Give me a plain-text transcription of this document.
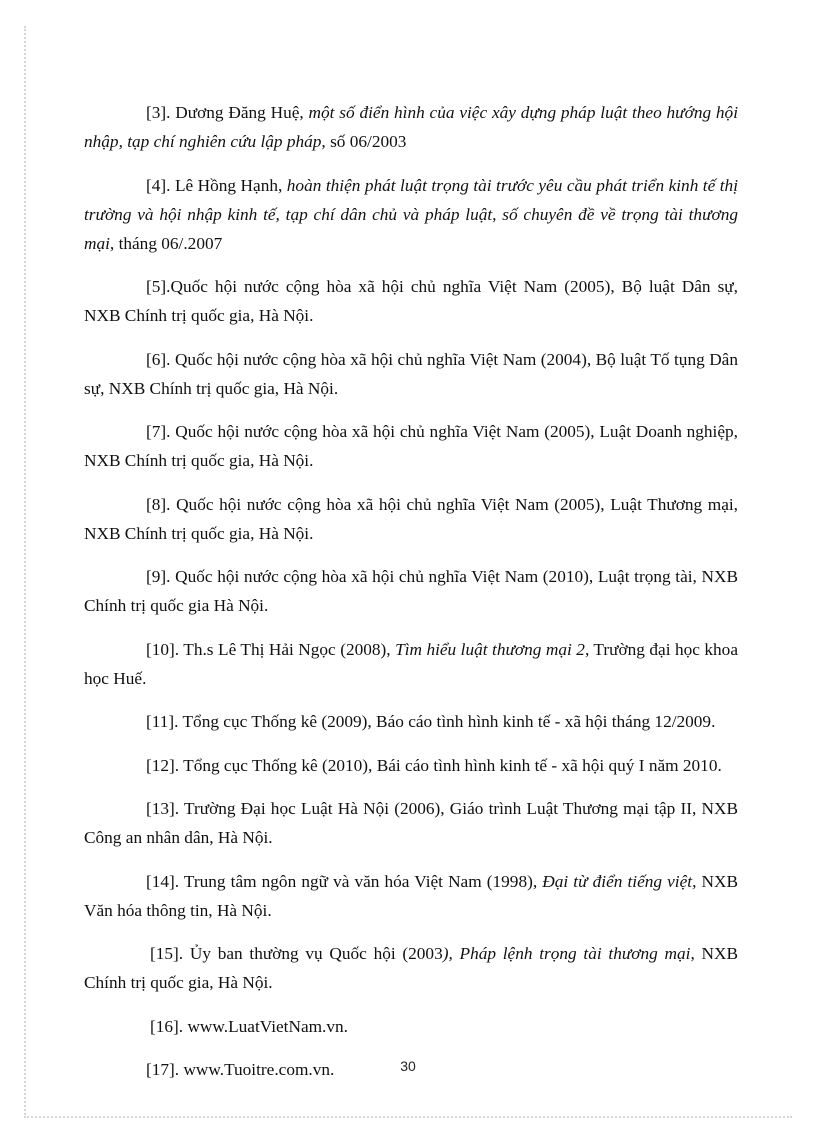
[3]. Dương Đăng Huệ, một số điển hình của việc xây dựng pháp luật theo hướng hội nhập, tạp chí nghiên cứu lập pháp, số 06/2003

[4]. Lê Hồng Hạnh, hoàn thiện phát luật trọng tài trước yêu cầu phát triển kinh tế thị trường và hội nhập kinh tế, tạp chí dân chủ và pháp luật, số chuyên đề về trọng tài thương mại, tháng 06/.2007

[5].Quốc hội nước cộng hòa xã hội chủ nghĩa Việt Nam (2005), Bộ luật Dân sự, NXB Chính trị quốc gia, Hà Nội.

[6]. Quốc hội nước cộng hòa xã hội chủ nghĩa Việt Nam (2004), Bộ luật Tố tụng Dân sự, NXB Chính trị quốc gia, Hà Nội.

[7]. Quốc hội nước cộng hòa xã hội chủ nghĩa Việt Nam (2005), Luật Doanh nghiệp, NXB Chính trị quốc gia, Hà Nội.

[8]. Quốc hội nước cộng hòa xã hội chủ nghĩa Việt Nam (2005), Luật Thương mại, NXB Chính trị quốc gia, Hà Nội.

[9]. Quốc hội nước cộng hòa xã hội chủ nghĩa Việt Nam (2010), Luật trọng tài, NXB Chính trị quốc gia Hà Nội.

[10]. Th.s Lê Thị Hải Ngọc (2008), Tìm hiểu luật thương mại 2, Trường đại học khoa học Huế.

[11]. Tổng cục Thống kê (2009), Báo cáo tình hình kinh tế - xã hội tháng 12/2009.

[12]. Tổng cục Thống kê (2010), Bái cáo tình hình kinh tế - xã hội quý I năm 2010.

[13]. Trường Đại học Luật Hà Nội (2006), Giáo trình Luật Thương mại tập II, NXB Công an nhân dân, Hà Nội.

[14]. Trung tâm ngôn ngữ và văn hóa Việt Nam (1998), Đại từ điển tiếng việt, NXB Văn hóa thông tin, Hà Nội.

[15]. Ủy ban thường vụ Quốc hội (2003), Pháp lệnh trọng tài thương mại, NXB Chính trị quốc gia, Hà Nội.

[16]. www.LuatVietNam.vn.

[17]. www.Tuoitre.com.vn.	30
